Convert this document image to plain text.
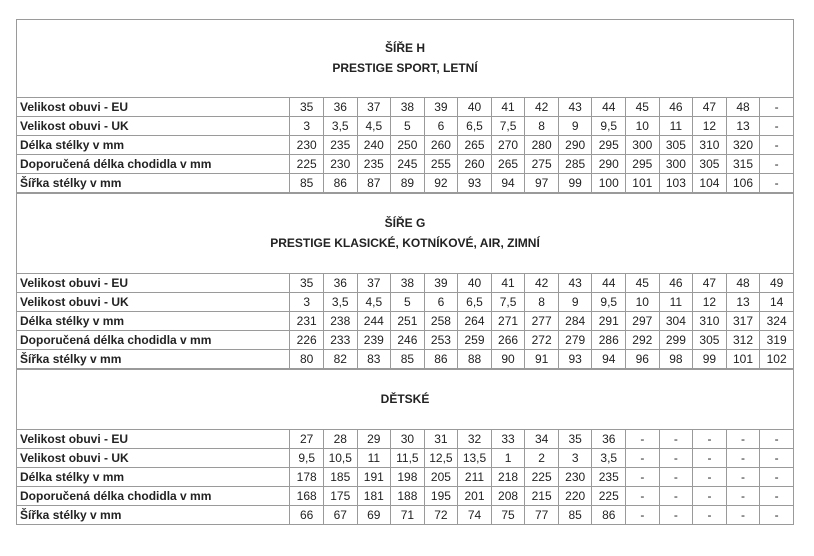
ŠÍŘE H
PRESTIGE SPORT, LETNÍ
Velikost obuvi - EU	35	36	37	38	39	40	41	42	43	44	45	46	47	48	-
Velikost obuvi - UK	3	3,5	4,5	5	6	6,5	7,5	8	9	9,5	10	11	12	13	-
Délka stélky v mm	230	235	240	250	260	265	270	280	290	295	300	305	310	320	-
Doporučená délka chodidla v mm	225	230	235	245	255	260	265	275	285	290	295	300	305	315	-
Šířka stélky v mm	85	86	87	89	92	93	94	97	99	100	101	103	104	106	-
ŠÍŘE G
PRESTIGE KLASICKÉ, KOTNÍKOVÉ, AIR, ZIMNÍ
Velikost obuvi - EU	35	36	37	38	39	40	41	42	43	44	45	46	47	48	49
Velikost obuvi - UK	3	3,5	4,5	5	6	6,5	7,5	8	9	9,5	10	11	12	13	14
Délka stélky v mm	231	238	244	251	258	264	271	277	284	291	297	304	310	317	324
Doporučená délka chodidla v mm	226	233	239	246	253	259	266	272	279	286	292	299	305	312	319
Šířka stélky v mm	80	82	83	85	86	88	90	91	93	94	96	98	99	101	102
DĚTSKÉ
Velikost obuvi - EU	27	28	29	30	31	32	33	34	35	36	-	-	-	-	-
Velikost obuvi - UK	9,5	10,5	11	11,5	12,5	13,5	1	2	3	3,5	-	-	-	-	-
Délka stélky v mm	178	185	191	198	205	211	218	225	230	235	-	-	-	-	-
Doporučená délka chodidla v mm	168	175	181	188	195	201	208	215	220	225	-	-	-	-	-
Šířka stélky v mm	66	67	69	71	72	74	75	77	85	86	-	-	-	-	-
